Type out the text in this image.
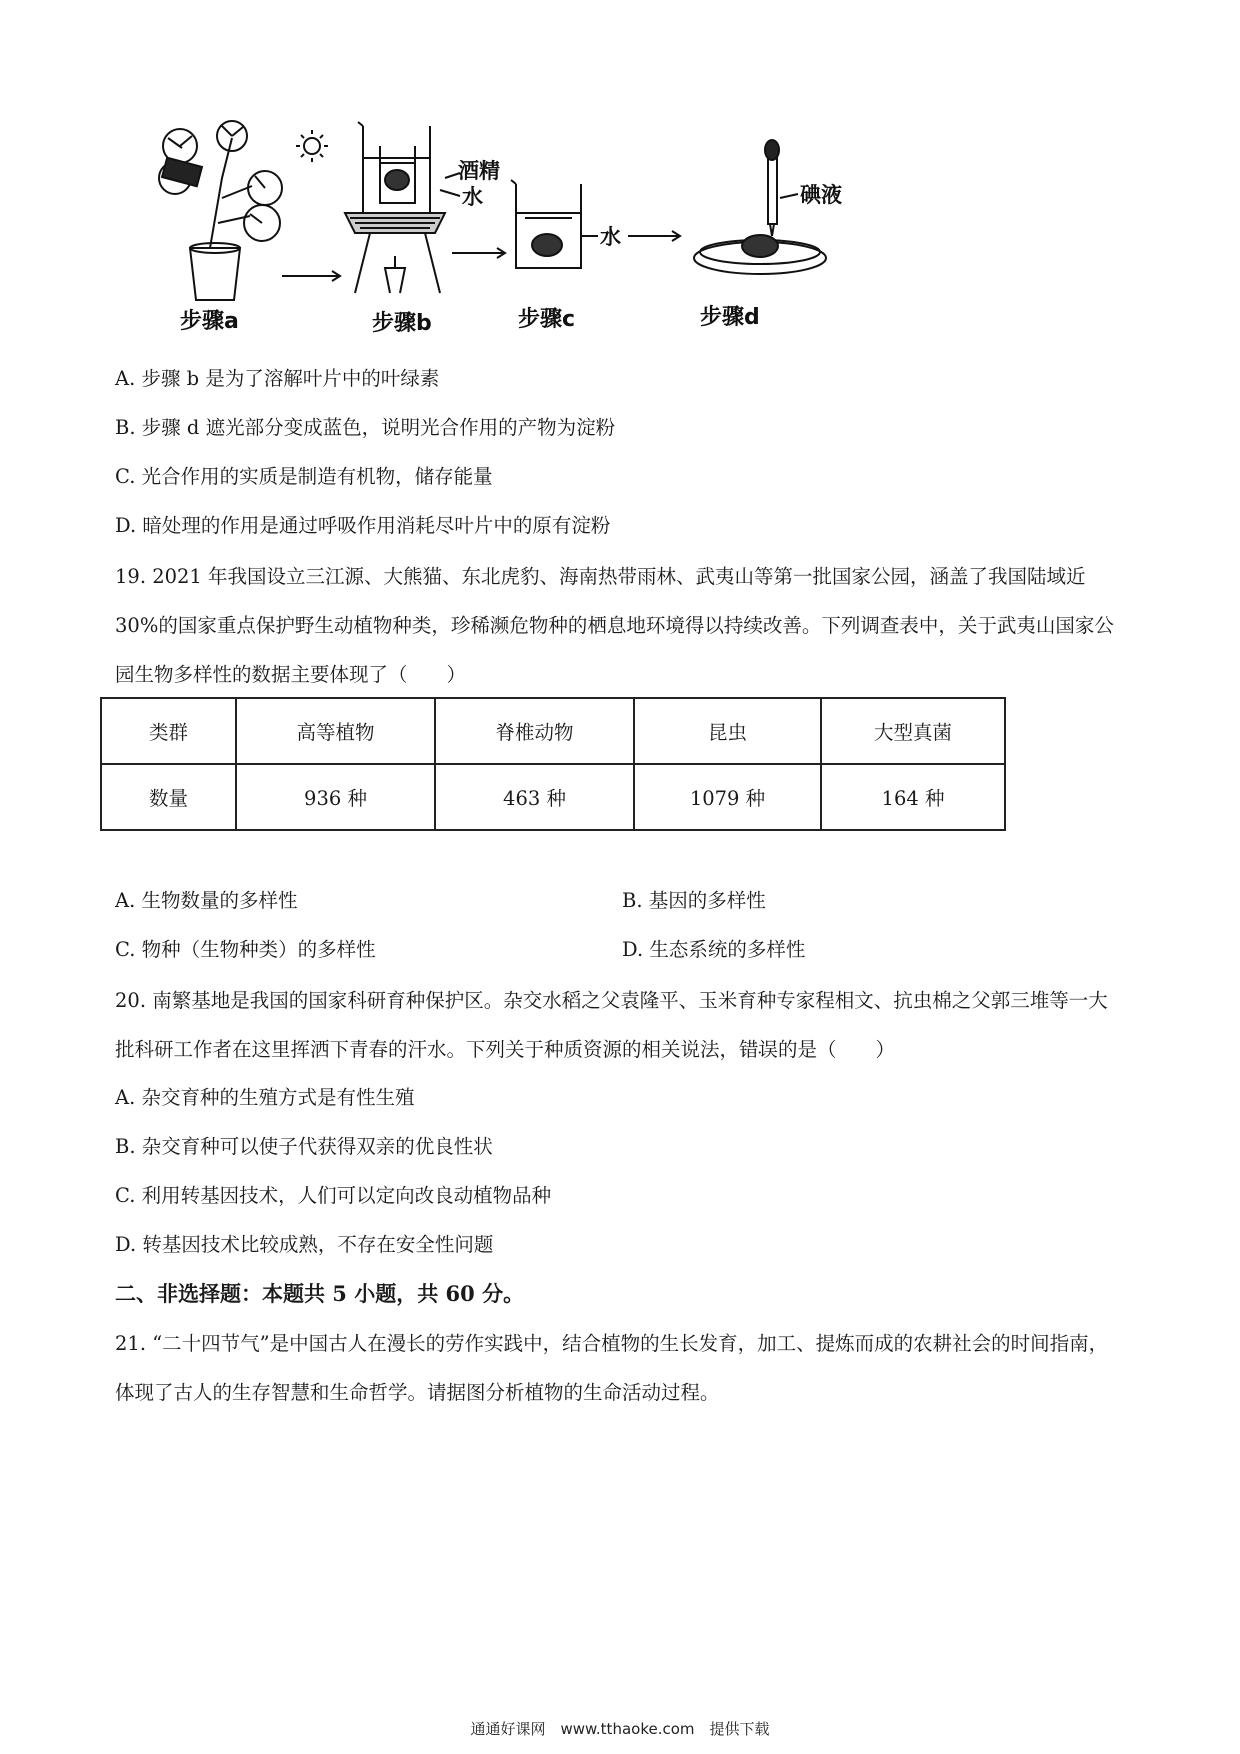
步骤a
酒精
水
步骤b
水
步骤c
碘液
步骤d
A. 步骤 b 是为了溶解叶片中的叶绿素
B. 步骤 d 遮光部分变成蓝色，说明光合作用的产物为淀粉
C. 光合作用的实质是制造有机物，储存能量
D. 暗处理的作用是通过呼吸作用消耗尽叶片中的原有淀粉
19. 2021 年我国设立三江源、大熊猫、东北虎豹、海南热带雨林、武夷山等第一批国家公园，涵盖了我国陆域近 30%的国家重点保护野生动植物种类，珍稀濒危物种的栖息地环境得以持续改善。下列调查表中，关于武夷山国家公园生物多样性的数据主要体现了（　　）
类群	高等植物	脊椎动物	昆虫	大型真菌
数量	936 种	463 种	1079 种	164 种
A. 生物数量的多样性	B. 基因的多样性
C. 物种（生物种类）的多样性	D. 生态系统的多样性
20. 南繁基地是我国的国家科研育种保护区。杂交水稻之父袁隆平、玉米育种专家程相文、抗虫棉之父郭三堆等一大批科研工作者在这里挥洒下青春的汗水。下列关于种质资源的相关说法，错误 · ·的是（　　）
A. 杂交育种的生殖方式是有性生殖
B. 杂交育种可以使子代获得双亲的优良性状
C. 利用转基因技术，人们可以定向改良动植物品种
D. 转基因技术比较成熟，不存在安全性问题
二、非选择题：本题共 5 小题，共 60 分。
21. “二十四节气”是中国古人在漫长的劳作实践中，结合植物的生长发育，加工、提炼而成的农耕社会的时间指南，体现了古人的生存智慧和生命哲学。请据图分析植物的生命活动过程。
通通好课网　www.tthaoke.com　提供下载
